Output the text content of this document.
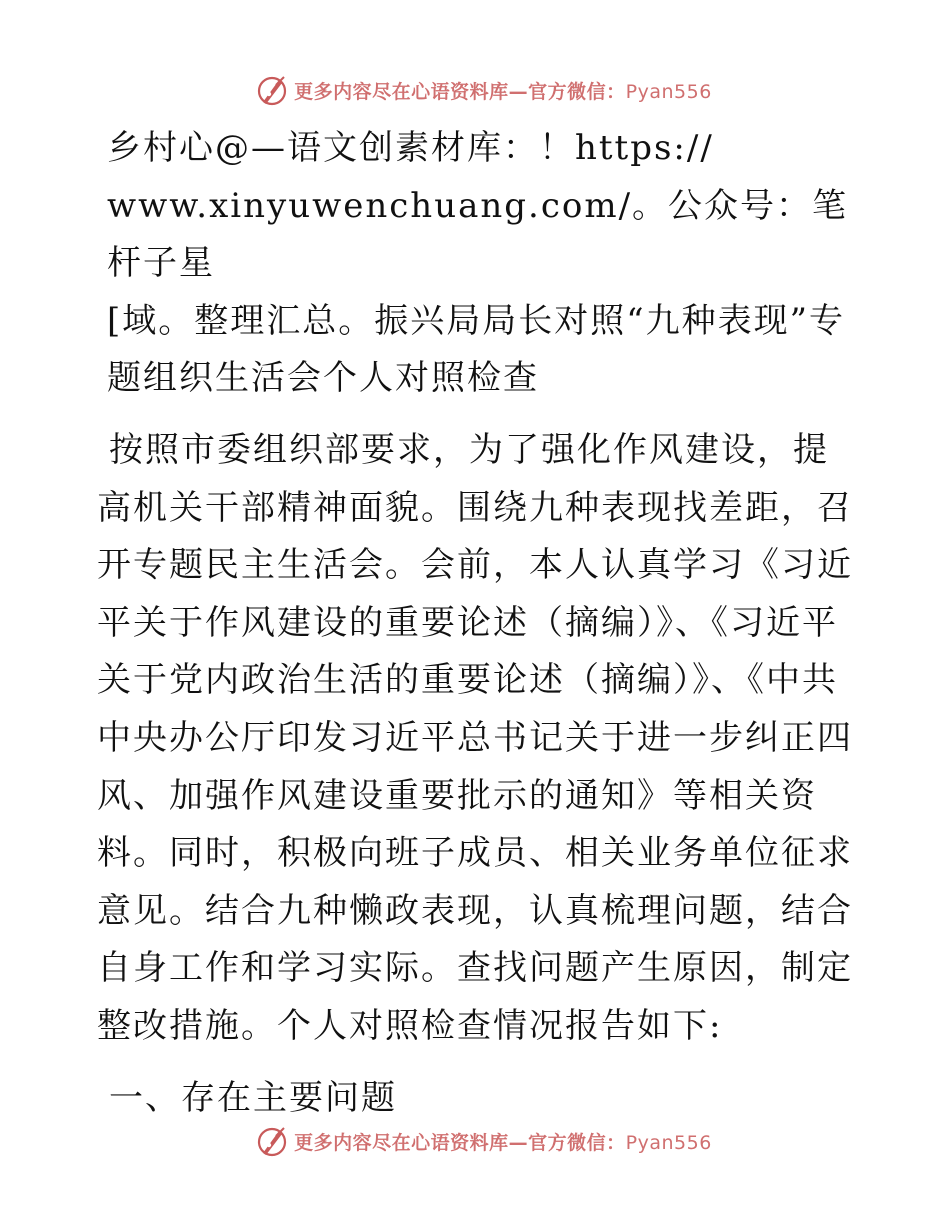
更多内容尽在心语资料库—官方微信：Pyan556

乡村心@—语文创素材库：！https://

www.xinyuwenchuang.com/。公众号：笔杆子星

[域。整理汇总。振兴局局长对照“九种表现”专

题组织生活会个人对照检查

按照市委组织部要求，为了强化作风建设，提高机关干部精神面貌。围绕九种表现找差距，召开专题民主生活会。会前，本人认真学习《习近平关于作风建设的重要论述（摘编）》、《习近平关于党内政治生活的重要论述（摘编）》、《中共中央办公厅印发习近平总书记关于进一步纠正四风、加强作风建设重要批示的通知》等相关资料。同时，积极向班子成员、相关业务单位征求意见。结合九种懒政表现，认真梳理问题，结合自身工作和学习实际。查找问题产生原因，制定整改措施。个人对照检查情况报告如下:

一、存在主要问题

更多内容尽在心语资料库—官方微信：Pyan556
